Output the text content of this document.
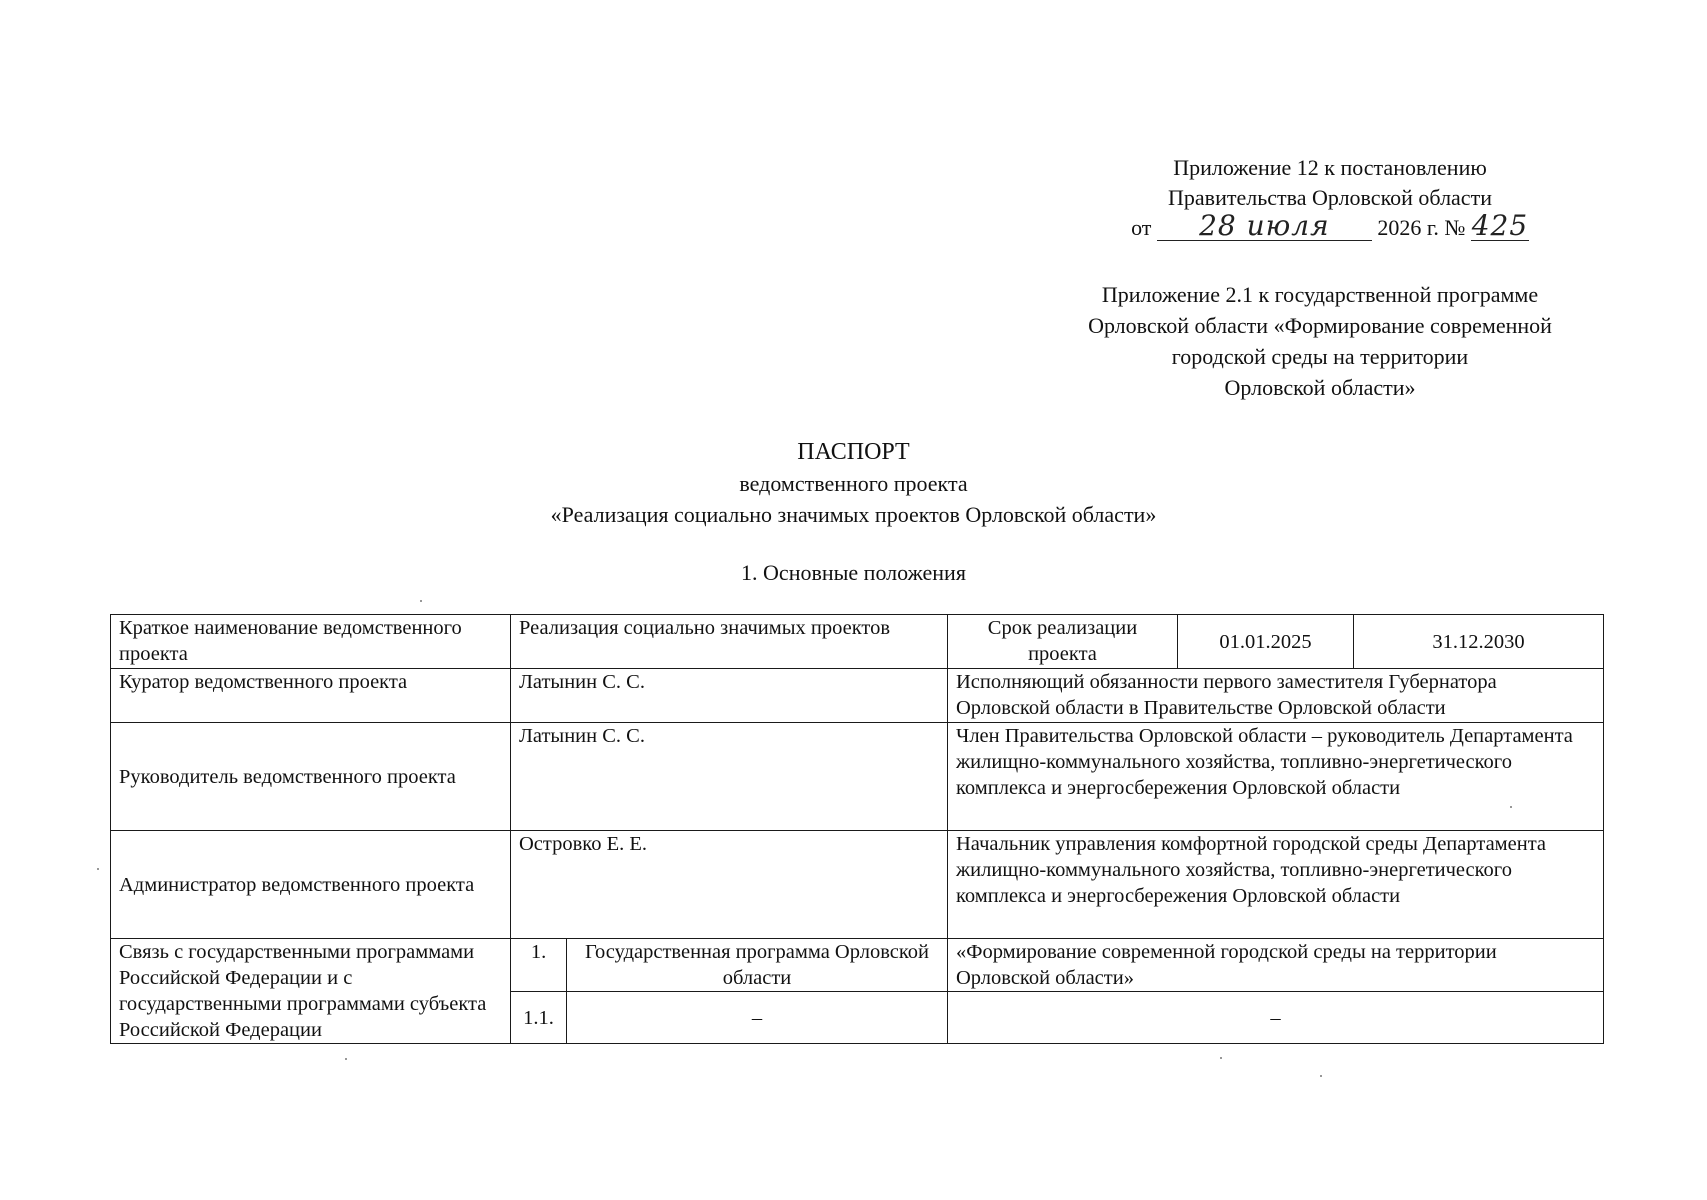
Приложение 12 к постановлению
Правительства Орловской области
от 28 июля 2026 г. № 425
Приложение 2.1 к государственной программе
Орловской области «Формирование современной
городской среды на территории
Орловской области»
ПАСПОРТ
ведомственного проекта
«Реализация социально значимых проектов Орловской области»
1. Основные положения
Краткое наименование ведомственного проекта	Реализация социально значимых проектов		Срок реализации проекта	01.01.2025	31.12.2030
Куратор ведомственного проекта	Латынин С. С.		Исполняющий обязанности первого заместителя Губернатора Орловской области в Правительстве Орловской области		
Руководитель ведомственного проекта	Латынин С. С.		Член Правительства Орловской области – руководитель Департамента жилищно-коммунального хозяйства, топливно-энергетического комплекса и энергосбережения Орловской области		
Администратор ведомственного проекта	Островко Е. Е.		Начальник управления комфортной городской среды Департамента жилищно-коммунального хозяйства, топливно-энергетического комплекса и энергосбережения Орловской области		
Связь с государственными программами Российской Федерации и с государственными программами субъекта Российской Федерации	1.	Государственная программа Орловской области	«Формирование современной городской среды на территории Орловской области»		
	1.1.	–	–		
